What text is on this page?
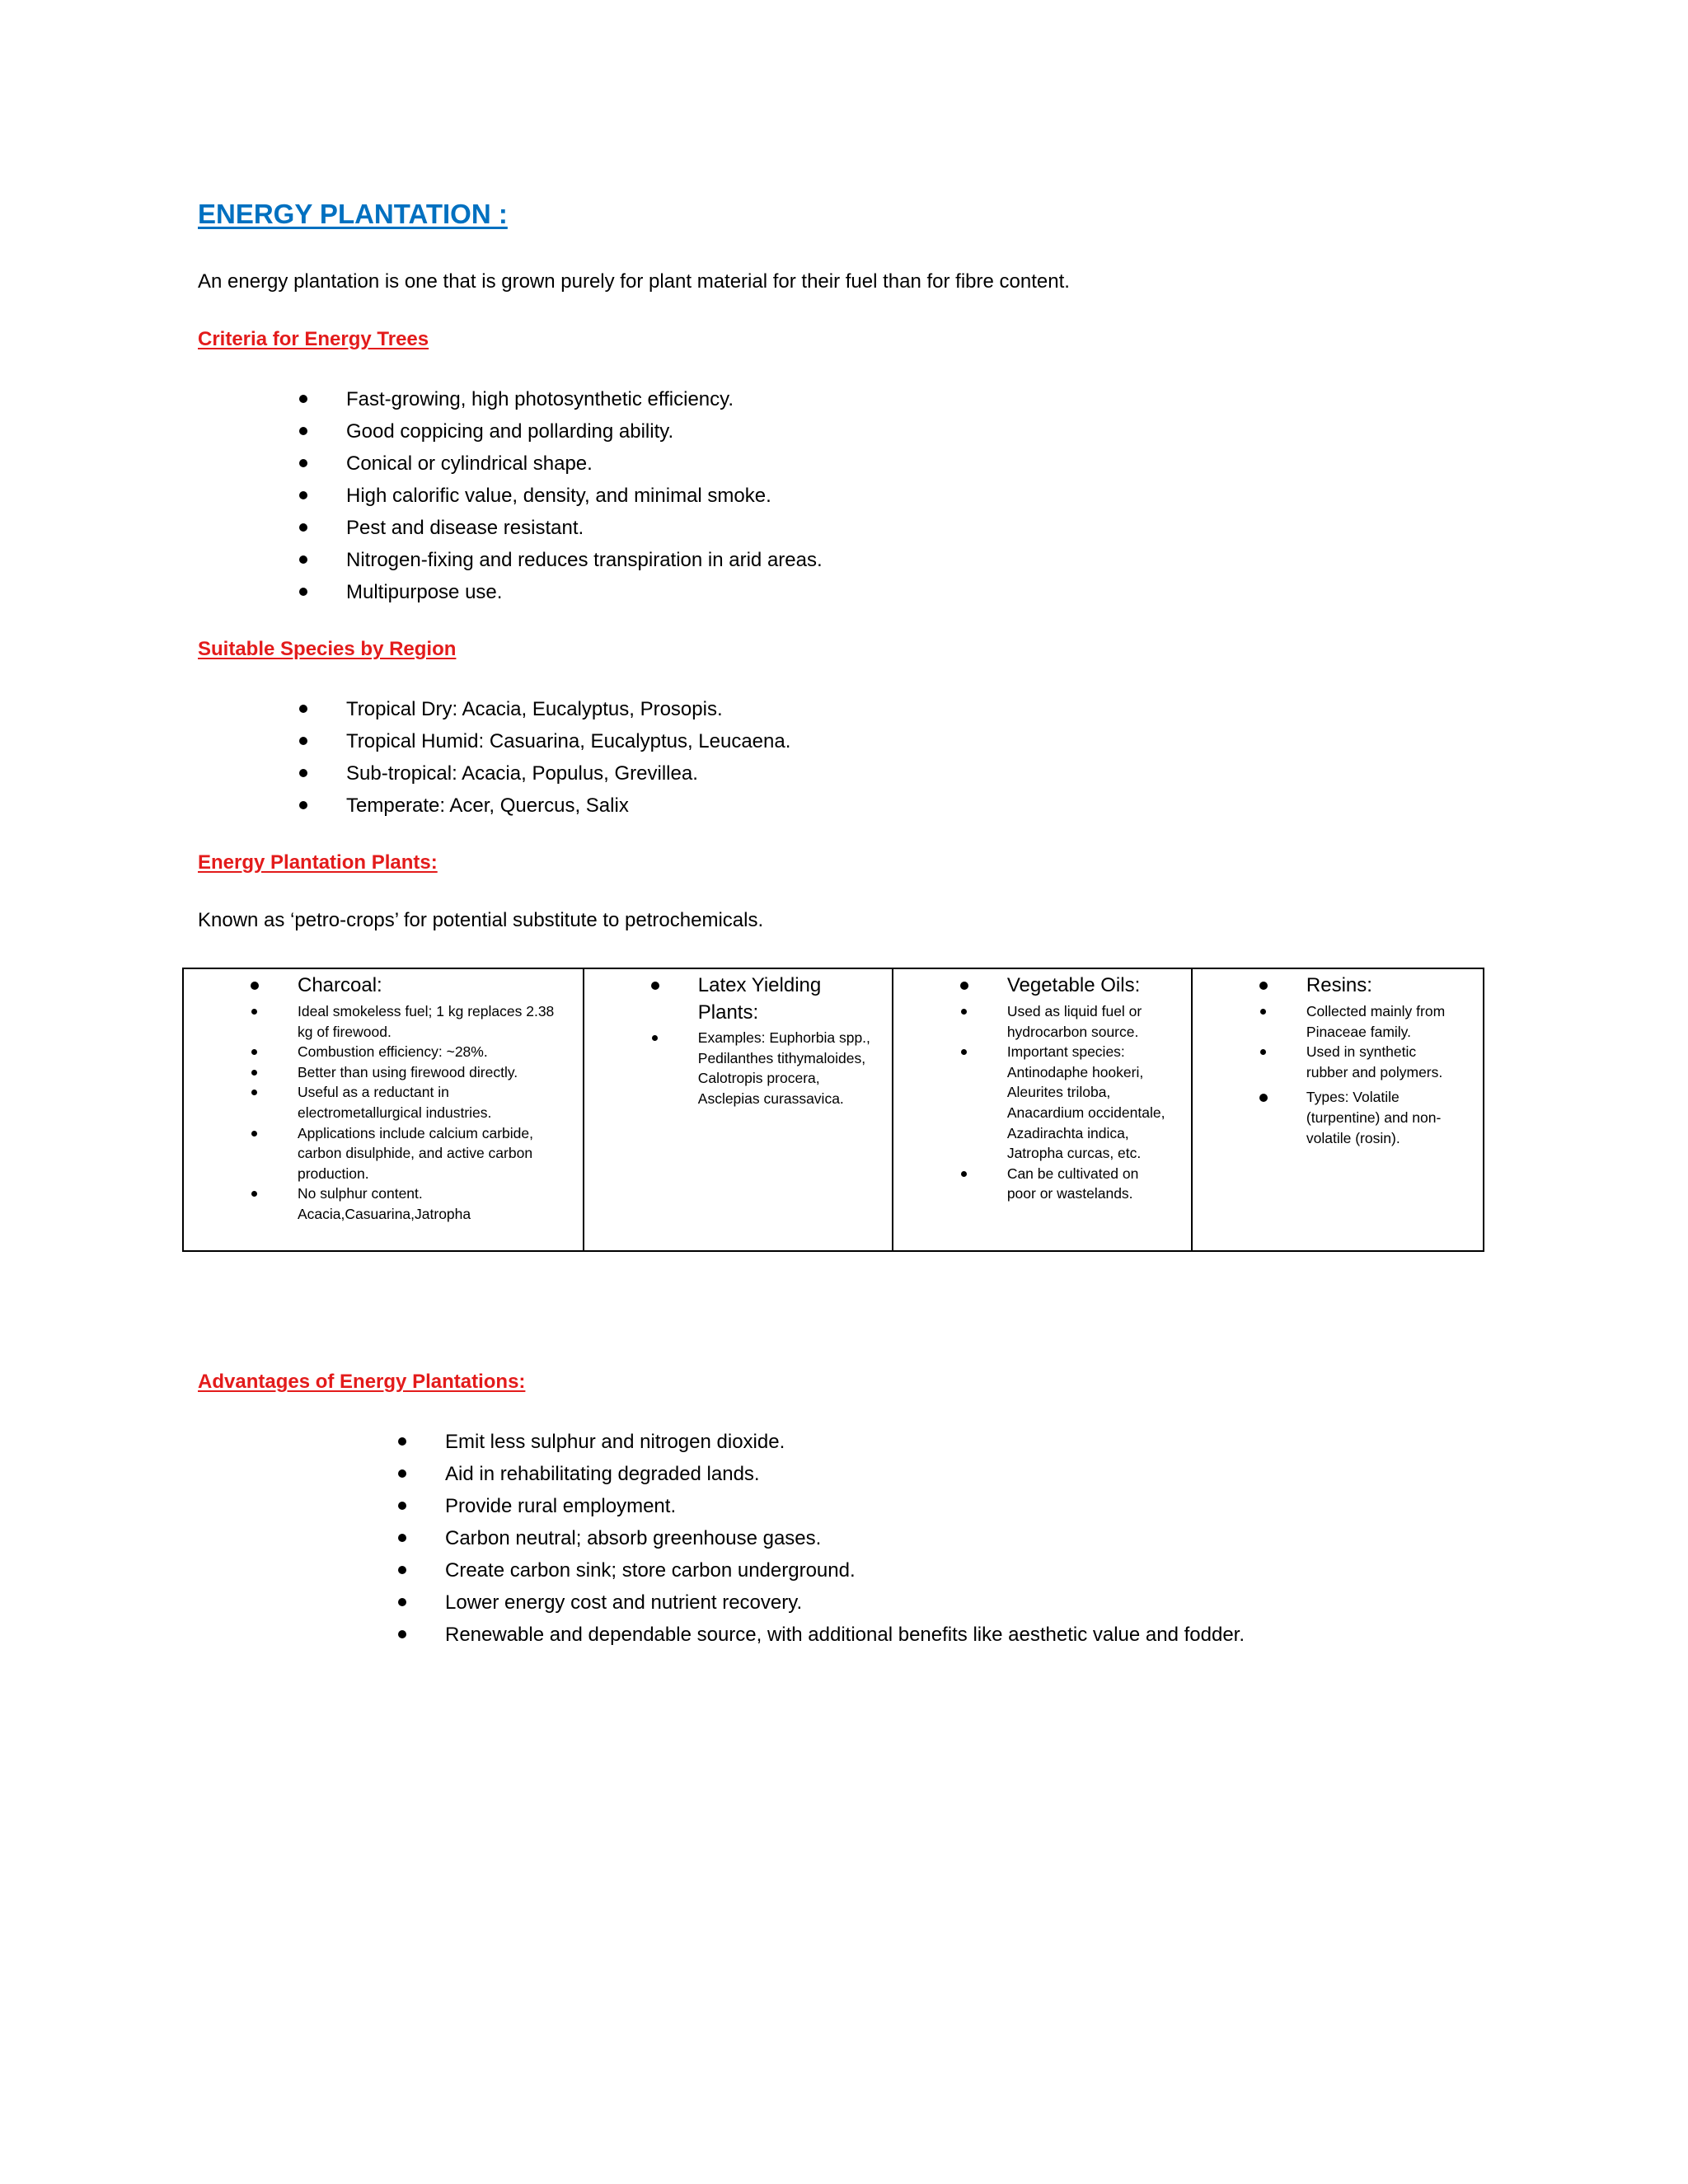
ENERGY PLANTATION :

An energy plantation is one that is grown purely for plant material for their fuel than for fibre content.

Criteria for Energy Trees
Fast-growing, high photosynthetic efficiency.
Good coppicing and pollarding ability.
Conical or cylindrical shape.
High calorific value, density, and minimal smoke.
Pest and disease resistant.
Nitrogen-fixing and reduces transpiration in arid areas.
Multipurpose use.
Suitable Species by Region
Tropical Dry: Acacia, Eucalyptus, Prosopis.
Tropical Humid: Casuarina, Eucalyptus, Leucaena.
Sub-tropical: Acacia, Populus, Grevillea.
Temperate: Acer, Quercus, Salix
Energy Plantation Plants:

Known as ‘petro-crops’ for potential substitute to petrochemicals.

Charcoal:

Ideal smokeless fuel; 1 kg replaces 2.38
kg of firewood.
Combustion efficiency: ~28%.
Better than using firewood directly.
Useful as a reductant in
electrometallurgical industries.
Applications include calcium carbide,
carbon disulphide, and active carbon
production.
No sulphur content.
Acacia,Casuarina,Jatropha

Latex Yielding
Plants:

Examples: Euphorbia spp.,
Pedilanthes tithymaloides,
Calotropis procera,
Asclepias curassavica.

Vegetable Oils:

Used as liquid fuel or
hydrocarbon source.
Important species:
Antinodaphe hookeri,
Aleurites triloba,
Anacardium occidentale,
Azadirachta indica,
Jatropha curcas, etc.
Can be cultivated on
poor or wastelands.

Resins:

Collected mainly from
Pinaceae family.
Used in synthetic
rubber and polymers.
Types: Volatile
(turpentine) and non-
volatile (rosin).
Advantages of Energy Plantations:
Emit less sulphur and nitrogen dioxide.
Aid in rehabilitating degraded lands.
Provide rural employment.
Carbon neutral; absorb greenhouse gases.
Create carbon sink; store carbon underground.
Lower energy cost and nutrient recovery.
Renewable and dependable source, with additional benefits like aesthetic value and fodder.
